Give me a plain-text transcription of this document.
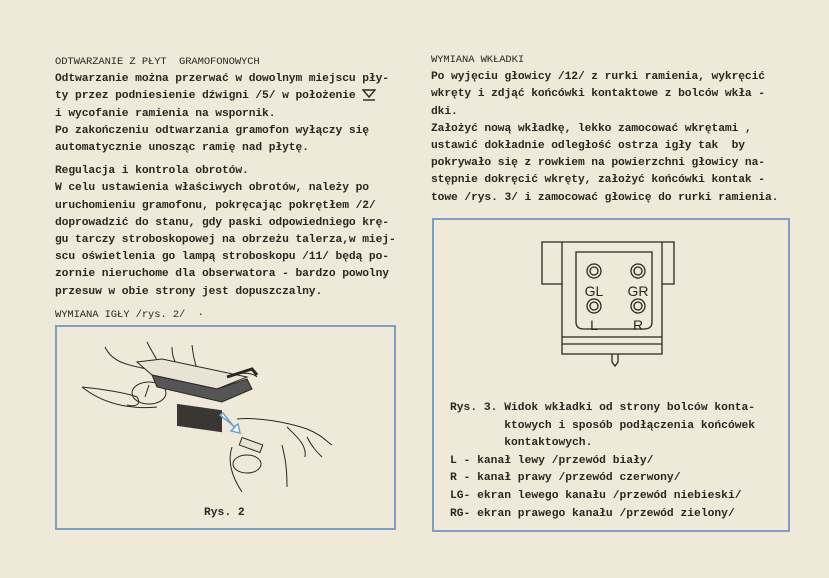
ODTWARZANIE Z PŁYT  GRAMOFONOWYCH
Odtwarzanie można przerwać w dowolnym miejscu pły-
ty przez podniesienie dźwigni /5/ w położenie
i wycofanie ramienia na wspornik.
Po zakończeniu odtwarzania gramofon wyłączy się
automatycznie unosząc ramię nad płytę.
Regulacja i kontrola obrotów.
W celu ustawienia właściwych obrotów, należy po
uruchomieniu gramofonu, pokręcając pokrętłem /2/
doprowadzić do stanu, gdy paski odpowiedniego krę-
gu tarczy stroboskopowej na obrzeżu talerza,w miej-
scu oświetlenia go lampą stroboskopu /11/ będą po-
zornie nieruchome dla obserwatora - bardzo powolny
przesuw w obie strony jest dopuszczalny.
WYMIANA IGŁY /rys. 2/  ·
Rys. 2
WYMIANA WKŁADKI
Po wyjęciu głowicy /12/ z rurki ramienia, wykręcić
wkręty i zdjąć końcówki kontaktowe z bolców wkła -
dki.
Założyć nową wkładkę, lekko zamocować wkrętami ,
ustawić dokładnie odległość ostrza igły tak  by
pokrywało się z rowkiem na powierzchni głowicy na-
stępnie dokręcić wkręty, założyć końcówki kontak -
towe /rys. 3/ i zamocować głowicę do rurki ramienia.
GL GR
L	R
Rys. 3. Widok wkładki od strony bolców konta-
ktowych i sposób podłączenia końcówek
kontaktowych.
L - kanał lewy /przewód biały/
R - kanał prawy /przewód czerwony/
LG- ekran lewego kanału /przewód niebieski/
RG- ekran prawego kanału /przewód zielony/
